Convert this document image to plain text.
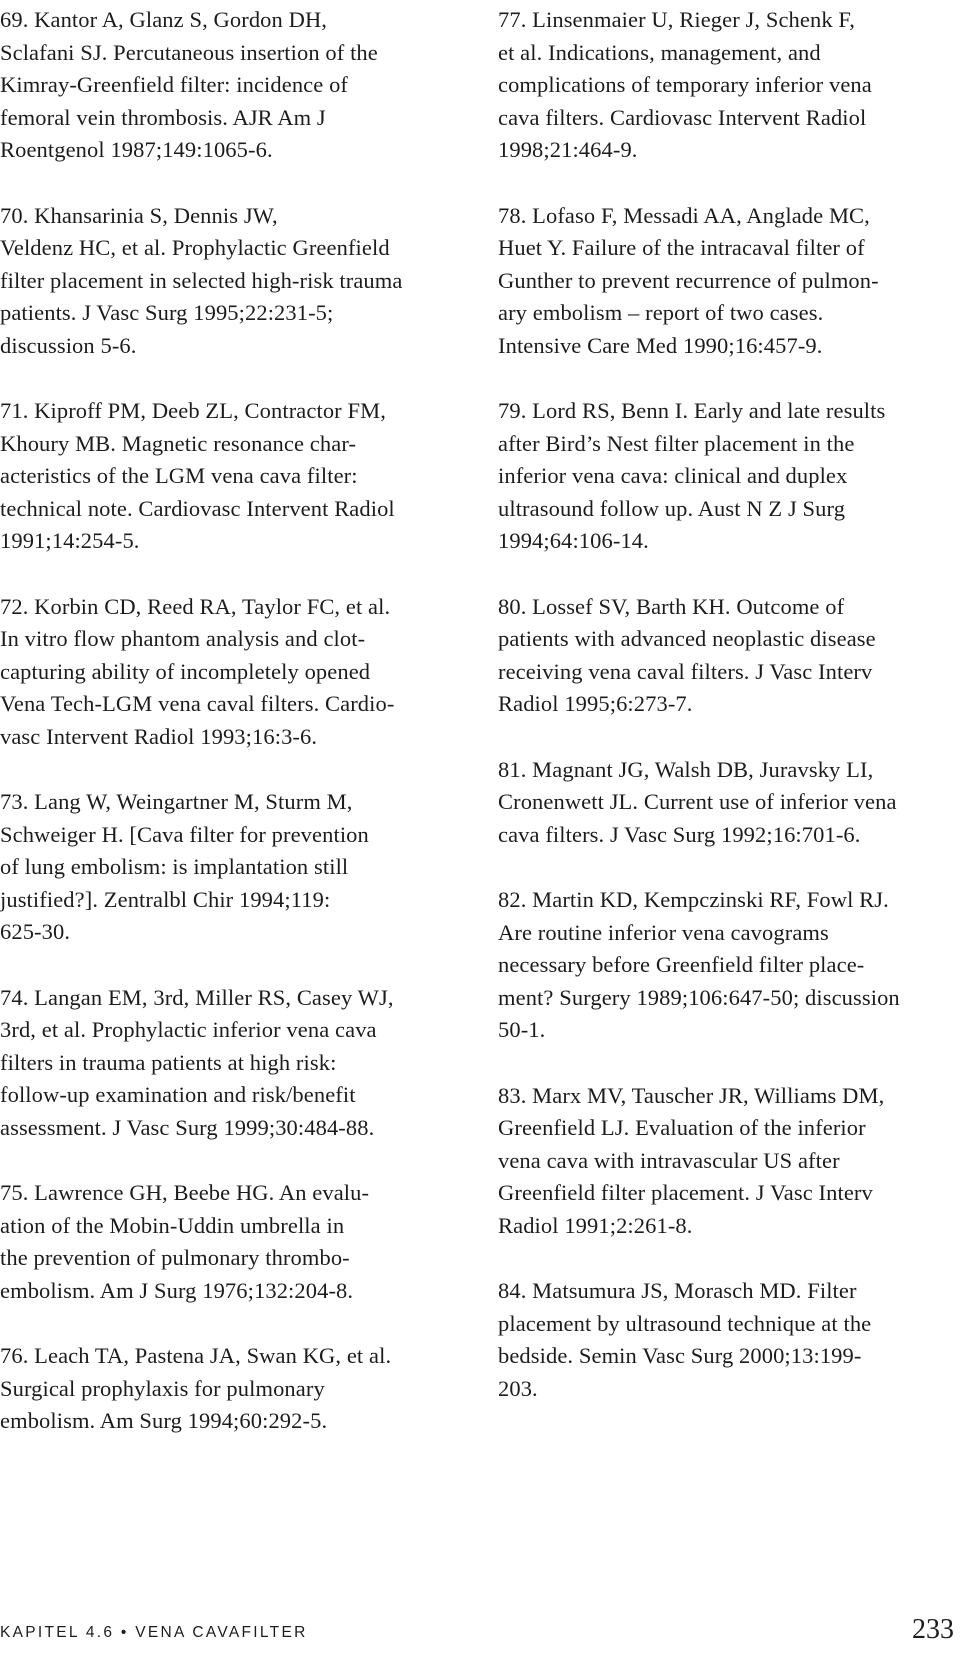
69. Kantor A, Glanz S, Gordon DH,
Sclafani SJ. Percutaneous insertion of the
Kimray-Greenfield filter: incidence of
femoral vein thrombosis. AJR Am J
Roentgenol 1987;149:1065-6.

70. Khansarinia S, Dennis JW,
Veldenz HC, et al. Prophylactic Greenfield
filter placement in selected high-risk trauma
patients. J Vasc Surg 1995;22:231-5;
discussion 5-6.

71. Kiproff PM, Deeb ZL, Contractor FM,
Khoury MB. Magnetic resonance char-
acteristics of the LGM vena cava filter:
technical note. Cardiovasc Intervent Radiol
1991;14:254-5.

72. Korbin CD, Reed RA, Taylor FC, et al.
In vitro flow phantom analysis and clot-
capturing ability of incompletely opened
Vena Tech-LGM vena caval filters. Cardio-
vasc Intervent Radiol 1993;16:3-6.

73. Lang W, Weingartner M, Sturm M,
Schweiger H. [Cava filter for prevention
of lung embolism: is implantation still
justified?]. Zentralbl Chir 1994;119:
625-30.

74. Langan EM, 3rd, Miller RS, Casey WJ,
3rd, et al. Prophylactic inferior vena cava
filters in trauma patients at high risk:
follow-up examination and risk/benefit
assessment. J Vasc Surg 1999;30:484-88.

75. Lawrence GH, Beebe HG. An evalu-
ation of the Mobin-Uddin umbrella in
the prevention of pulmonary thrombo-
embolism. Am J Surg 1976;132:204-8.

76. Leach TA, Pastena JA, Swan KG, et al.
Surgical prophylaxis for pulmonary
embolism. Am Surg 1994;60:292-5.

77. Linsenmaier U, Rieger J, Schenk F,
et al. Indications, management, and
complications of temporary inferior vena
cava filters. Cardiovasc Intervent Radiol
1998;21:464-9.

78. Lofaso F, Messadi AA, Anglade MC,
Huet Y. Failure of the intracaval filter of
Gunther to prevent recurrence of pulmon-
ary embolism – report of two cases.
Intensive Care Med 1990;16:457-9.

79. Lord RS, Benn I. Early and late results
after Bird’s Nest filter placement in the
inferior vena cava: clinical and duplex
ultrasound follow up. Aust N Z J Surg
1994;64:106-14.

80. Lossef SV, Barth KH. Outcome of
patients with advanced neoplastic disease
receiving vena caval filters. J Vasc Interv
Radiol 1995;6:273-7.

81. Magnant JG, Walsh DB, Juravsky LI,
Cronenwett JL. Current use of inferior vena
cava filters. J Vasc Surg 1992;16:701-6.

82. Martin KD, Kempczinski RF, Fowl RJ.
Are routine inferior vena cavograms
necessary before Greenfield filter place-
ment? Surgery 1989;106:647-50; discussion
50-1.

83. Marx MV, Tauscher JR, Williams DM,
Greenfield LJ. Evaluation of the inferior
vena cava with intravascular US after
Greenfield filter placement. J Vasc Interv
Radiol 1991;2:261-8.

84. Matsumura JS, Morasch MD. Filter
placement by ultrasound technique at the
bedside. Semin Vasc Surg 2000;13:199-
203.

KAPITEL 4.6 • VENA CAVAFILTER	233
